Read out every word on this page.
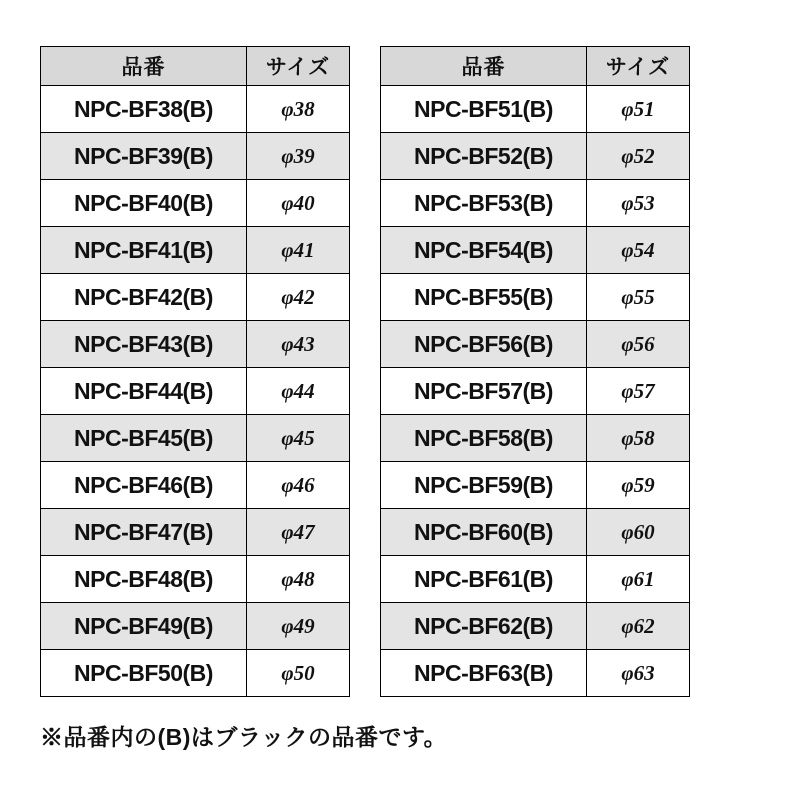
品番	サイズ
NPC-BF38(B)	φ38
NPC-BF39(B)	φ39
NPC-BF40(B)	φ40
NPC-BF41(B)	φ41
NPC-BF42(B)	φ42
NPC-BF43(B)	φ43
NPC-BF44(B)	φ44
NPC-BF45(B)	φ45
NPC-BF46(B)	φ46
NPC-BF47(B)	φ47
NPC-BF48(B)	φ48
NPC-BF49(B)	φ49
NPC-BF50(B)	φ50
品番	サイズ
NPC-BF51(B)	φ51
NPC-BF52(B)	φ52
NPC-BF53(B)	φ53
NPC-BF54(B)	φ54
NPC-BF55(B)	φ55
NPC-BF56(B)	φ56
NPC-BF57(B)	φ57
NPC-BF58(B)	φ58
NPC-BF59(B)	φ59
NPC-BF60(B)	φ60
NPC-BF61(B)	φ61
NPC-BF62(B)	φ62
NPC-BF63(B)	φ63
※品番内の(B)はブラックの品番です。
